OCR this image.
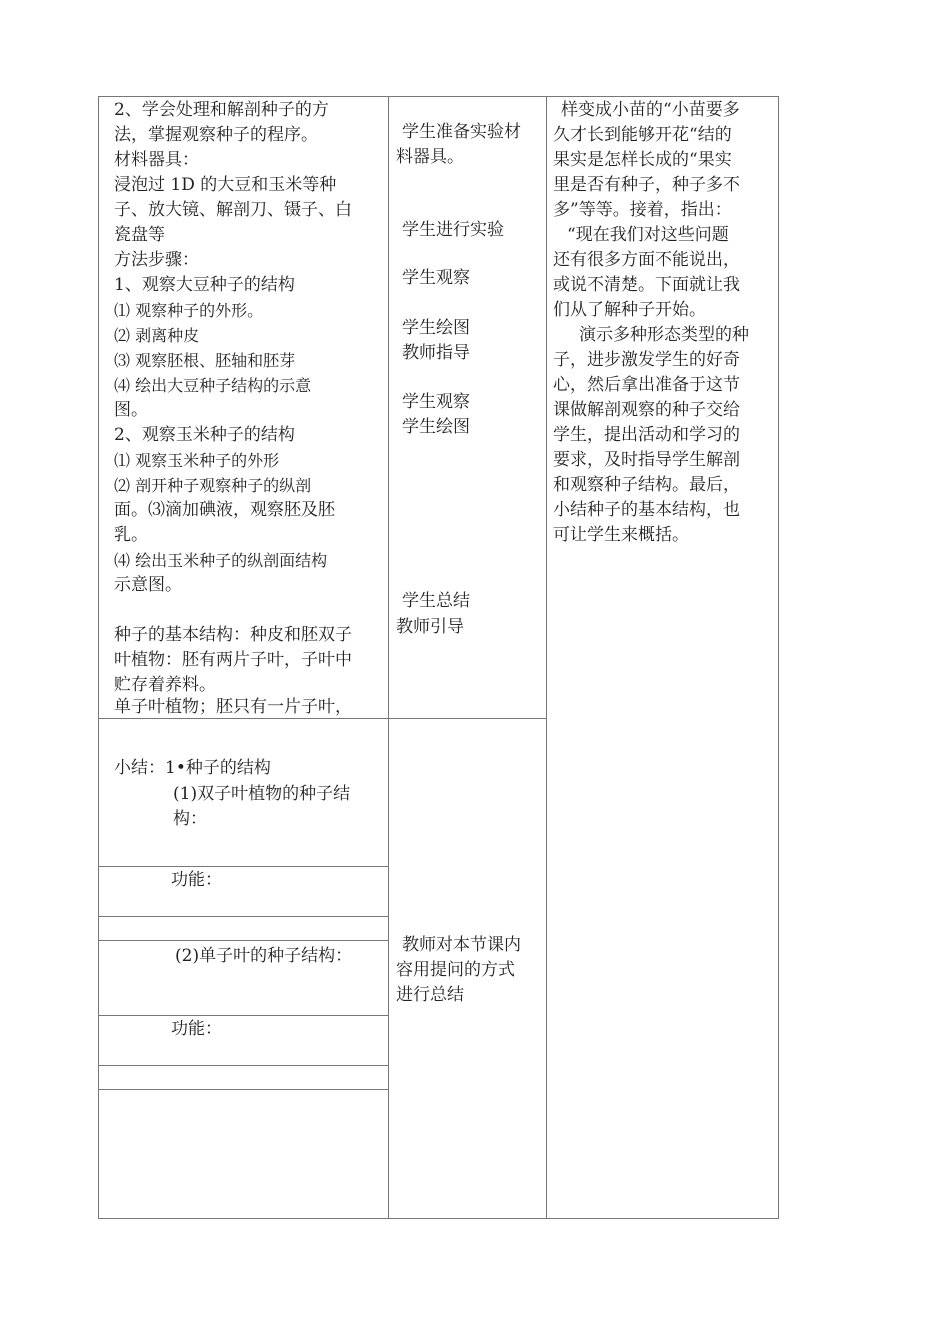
2、学会处理和解剖种子的方
法，掌握观察种子的程序。
材料器具：
浸泡过 1D 的大豆和玉米等种
子、放大镜、解剖刀、镊子、白
瓷盘等
方法步骤：
1、观察大豆种子的结构
⑴ 观察种子的外形。
⑵ 剥离种皮
⑶ 观察胚根、胚轴和胚芽
⑷ 绘出大豆种子结构的示意
图。
2、观察玉米种子的结构
⑴ 观察玉米种子的外形
⑵ 剖开种子观察种子的纵剖
面。⑶滴加碘液，观察胚及胚
乳。
⑷ 绘出玉米种子的纵剖面结构
示意图。
种子的基本结构：种皮和胚双子
叶植物：胚有两片子叶，子叶中
贮存着养料。
单子叶植物；胚只有一片子叶，
学生准备实验材
料器具。
学生进行实验
学生观察
学生绘图
教师指导
学生观察
学生绘图
学生总结
教师引导
样变成小苗的“小苗要多
久才长到能够开花“结的
果实是怎样长成的“果实
里是否有种子，种子多不
多”等等。接着，指出：
“现在我们对这些问题
还有很多方面不能说出，
或说不清楚。下面就让我
们从了解种子开始。
演示多种形态类型的种
子，进步激发学生的好奇
心，然后拿出准备于这节
课做解剖观察的种子交给
学生，提出活动和学习的
要求，及时指导学生解剖
和观察种子结构。最后，
小结种子的基本结构，也
可让学生来概括。
小结：1•种子的结构
(1)双子叶植物的种子结
构：
功能：
(2)单子叶的种子结构：
功能：
教师对本节课内
容用提问的方式
进行总结
